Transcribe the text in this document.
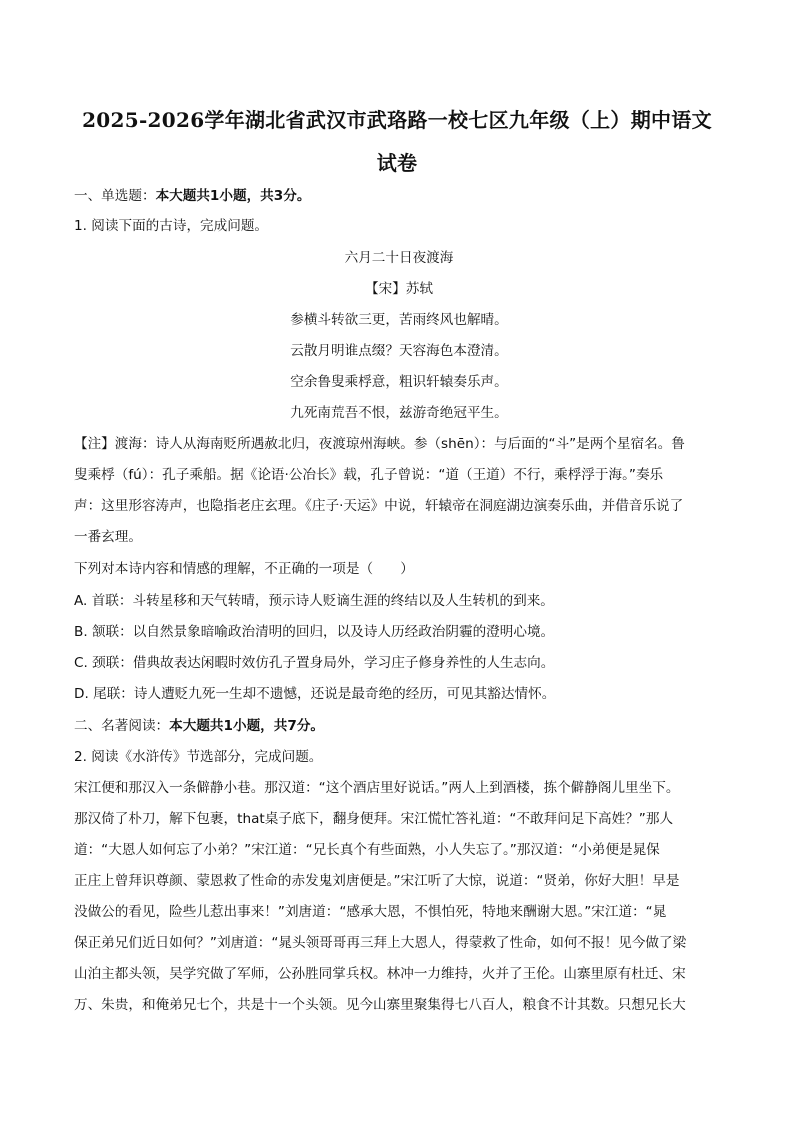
2025-2026学年湖北省武汉市武珞路一校七区九年级（上）期中语文
试卷
一、单选题：本大题共1小题，共3分。
1. 阅读下面的古诗，完成问题。
六月二十日夜渡海
【宋】苏轼
参横斗转欲三更，苦雨终风也解晴。
云散月明谁点缀？天容海色本澄清。
空余鲁叟乘桴意，粗识轩辕奏乐声。
九死南荒吾不恨，兹游奇绝冠平生。
【注】渡海：诗人从海南贬所遇赦北归，夜渡琼州海峡。参（shēn）：与后面的“斗”是两个星宿名。鲁
叟乘桴（fú）：孔子乘船。据《论语·公冶长》载，孔子曾说：“道（王道）不行，乘桴浮于海。”奏乐
声：这里形容涛声，也隐指老庄玄理。《庄子·天运》中说，轩辕帝在洞庭湖边演奏乐曲，并借音乐说了
一番玄理。
下列对本诗内容和情感的理解，不正确的一项是（　　）
A. 首联：斗转星移和天气转晴，预示诗人贬谪生涯的终结以及人生转机的到来。
B. 颔联：以自然景象暗喻政治清明的回归，以及诗人历经政治阴霾的澄明心境。
C. 颈联：借典故表达闲暇时效仿孔子置身局外，学习庄子修身养性的人生志向。
D. 尾联：诗人遭贬九死一生却不遗憾，还说是最奇绝的经历，可见其豁达情怀。
二、名著阅读：本大题共1小题，共7分。
2. 阅读《水浒传》节选部分，完成问题。
宋江便和那汉入一条僻静小巷。那汉道：“这个酒店里好说话。”两人上到酒楼，拣个僻静阁儿里坐下。
那汉倚了朴刀，解下包裹，that桌子底下，翻身便拜。宋江慌忙答礼道：“不敢拜问足下高姓？”那人
道：“大恩人如何忘了小弟？”宋江道：“兄长真个有些面熟，小人失忘了。”那汉道：“小弟便是晁保
正庄上曾拜识尊颜、蒙恩救了性命的赤发鬼刘唐便是。”宋江听了大惊，说道：“贤弟，你好大胆！早是
没做公的看见，险些儿惹出事来！”刘唐道：“感承大恩，不惧怕死，特地来酬谢大恩。”宋江道：“晁
保正弟兄们近日如何？”刘唐道：“晁头领哥哥再三拜上大恩人，得蒙救了性命，如何不报！见今做了梁
山泊主都头领，吴学究做了军师，公孙胜同掌兵权。林冲一力维持，火并了王伦。山寨里原有杜迁、宋
万、朱贵，和俺弟兄七个，共是十一个头领。见今山寨里聚集得七八百人，粮食不计其数。只想兄长大
